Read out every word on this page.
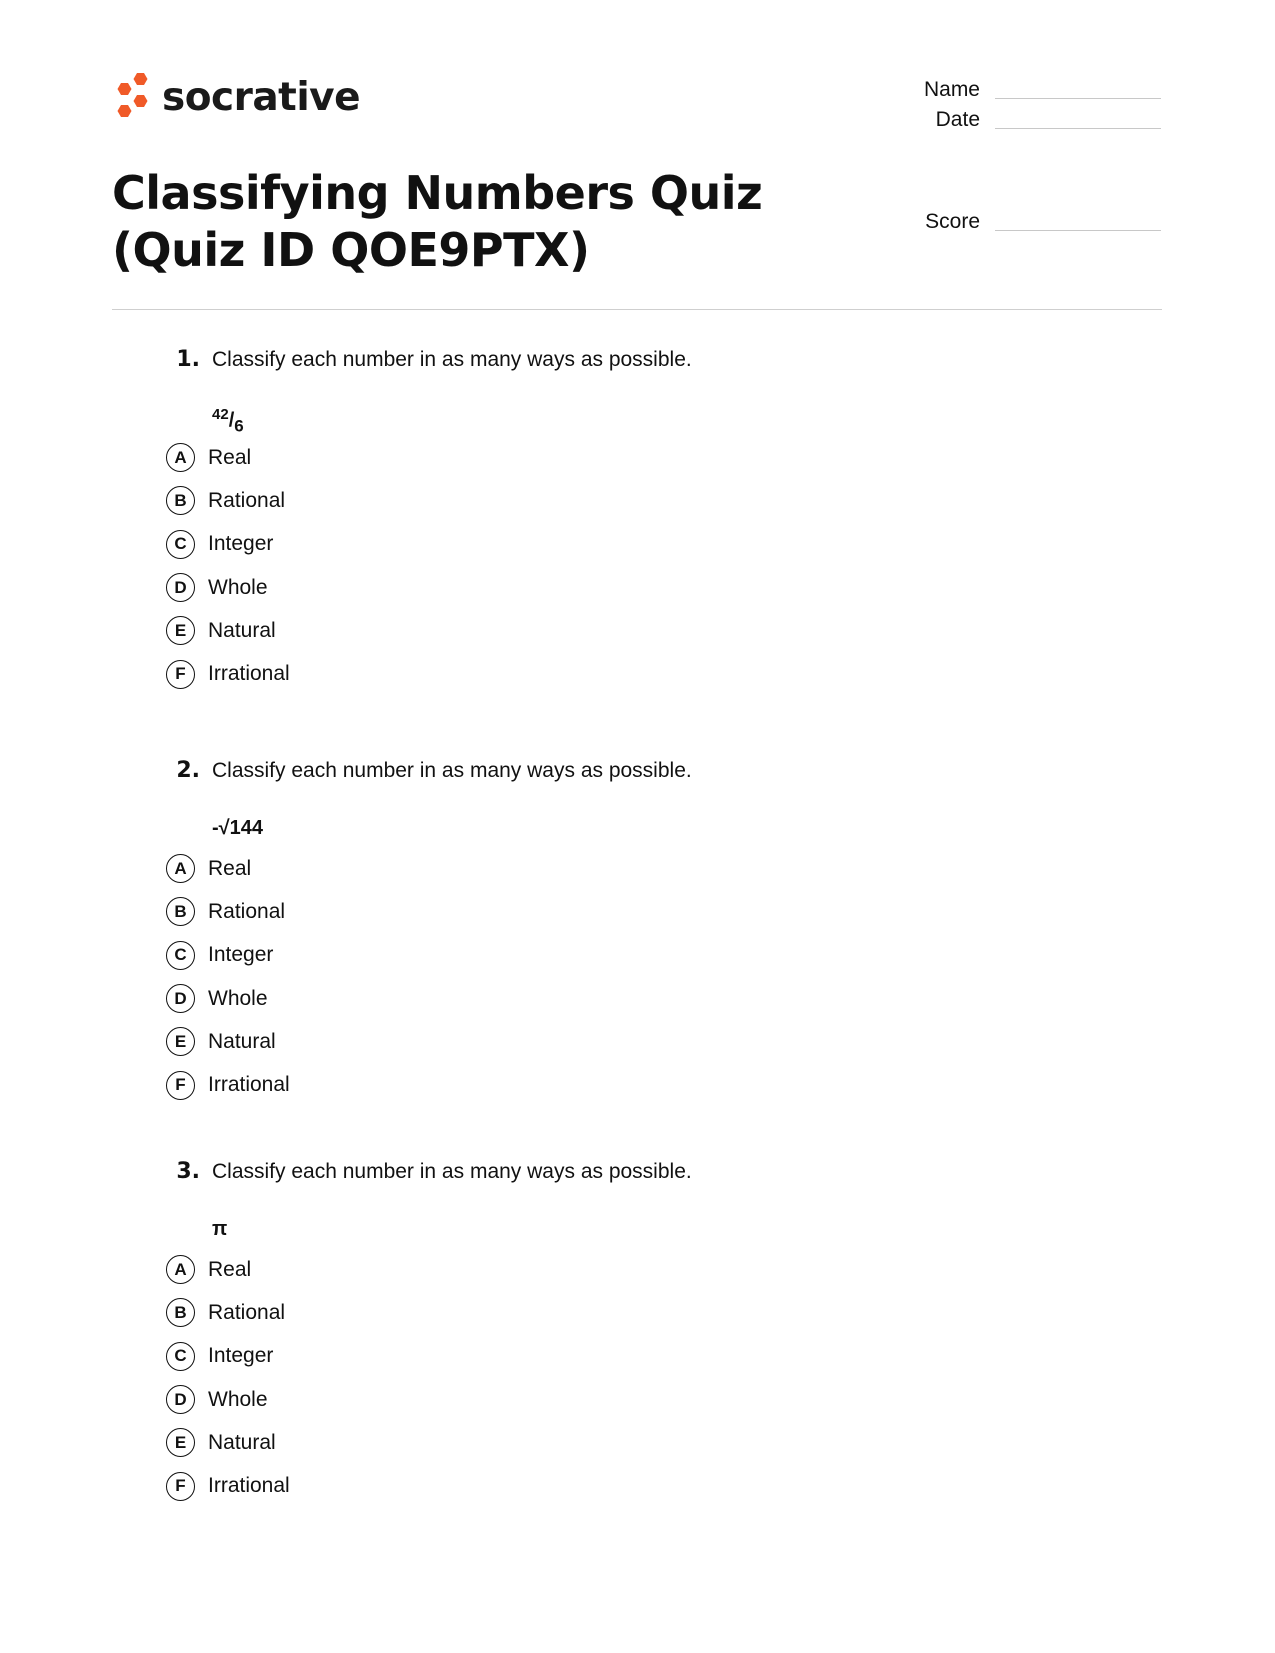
socrative
Classifying Numbers Quiz (Quiz ID QOE9PTX)
Name
Date
Score
1. Classify each number in as many ways as possible.
$^{42}/_6$
A	Real
B	Rational
C	Integer
D	Whole
E	Natural
F	Irrational
2. Classify each number in as many ways as possible.
-√144
A	Real
B	Rational
C	Integer
D	Whole
E	Natural
F	Irrational
3. Classify each number in as many ways as possible.
π
A	Real
B	Rational
C	Integer
D	Whole
E	Natural
F	Irrational
